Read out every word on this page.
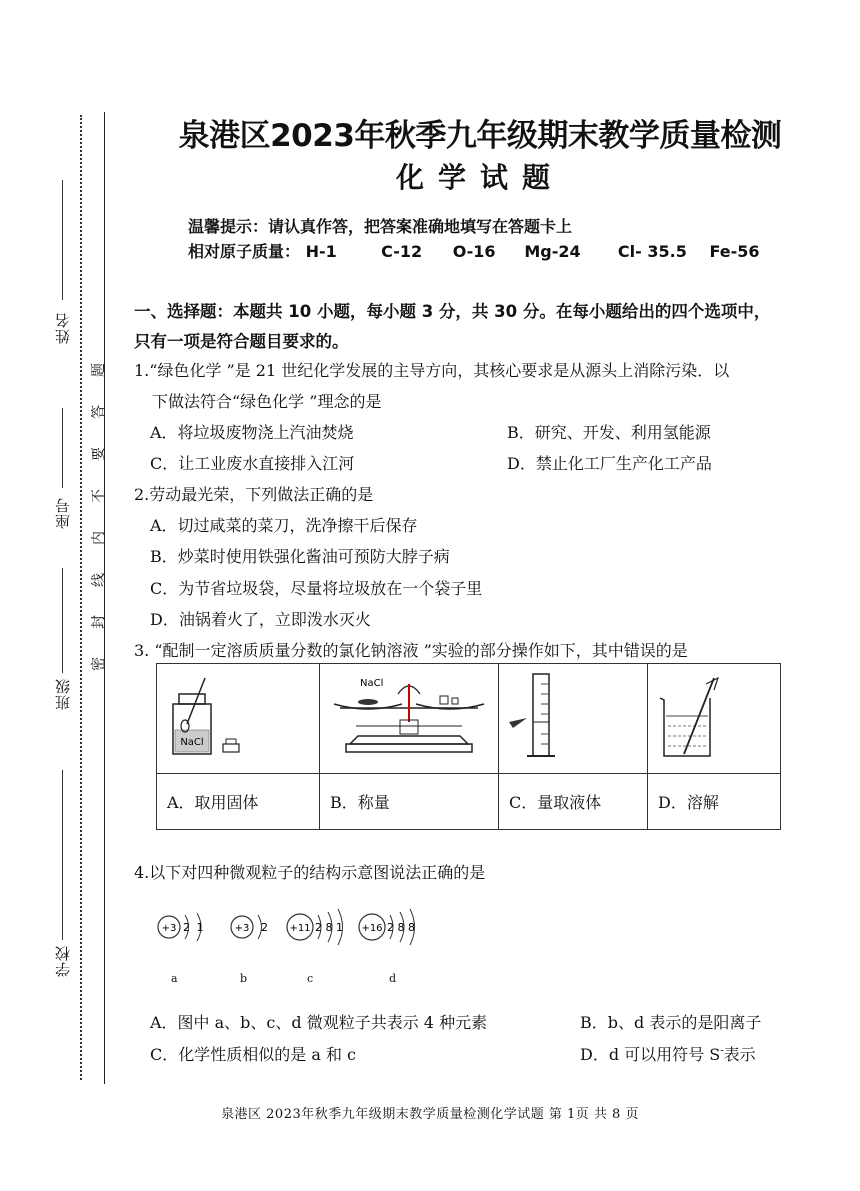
姓名
座号
班级
学校
题
答
要
不
内
线
封
密
泉港区2023年秋季九年级期末教学质量检测
化学试题
温馨提示：请认真作答，把答案准确地填写在答题卡上
相对原子质量： H-1	C-12 O-16 Mg-24 Cl- 35.5 Fe-56
一、选择题：本题共 10 小题，每小题 3 分，共 30 分。在每小题给出的四个选项中，
只有一项是符合题目要求的。
1.“绿色化学 ”是 21 世纪化学发展的主导方向，其核心要求是从源头上消除污染．以
下做法符合“绿色化学 ”理念的是
A．将垃圾废物浇上汽油焚烧	B．研究、开发、利用氢能源
C．让工业废水直接排入江河	D．禁止化工厂生产化工产品
2.劳动最光荣，下列做法正确的是
A．切过咸菜的菜刀，洗净擦干后保存
B．炒菜时使用铁强化酱油可预防大脖子病
C．为节省垃圾袋，尽量将垃圾放在一个袋子里
D．油锅着火了，立即泼水灭火
3. “配制一定溶质质量分数的氯化钠溶液 ”实验的部分操作如下，其中错误的是
NaCl	NaCl

A．取用固体	B．称量	C．量取液体	D．溶解
4.以下对四种微观粒子的结构示意图说法正确的是
+3 2 1	+3 2 +11 2 8 1 +16 2 8 8
a	b	c	d
A．图中 a、b、c、d 微观粒子共表示 4 种元素	B．b、d 表示的是阳离子
C．化学性质相似的是 a 和 c	D．d 可以用符号 S-表示
泉港区 2023年秋季九年级期末教学质量检测化学试题 第 1页 共 8 页
